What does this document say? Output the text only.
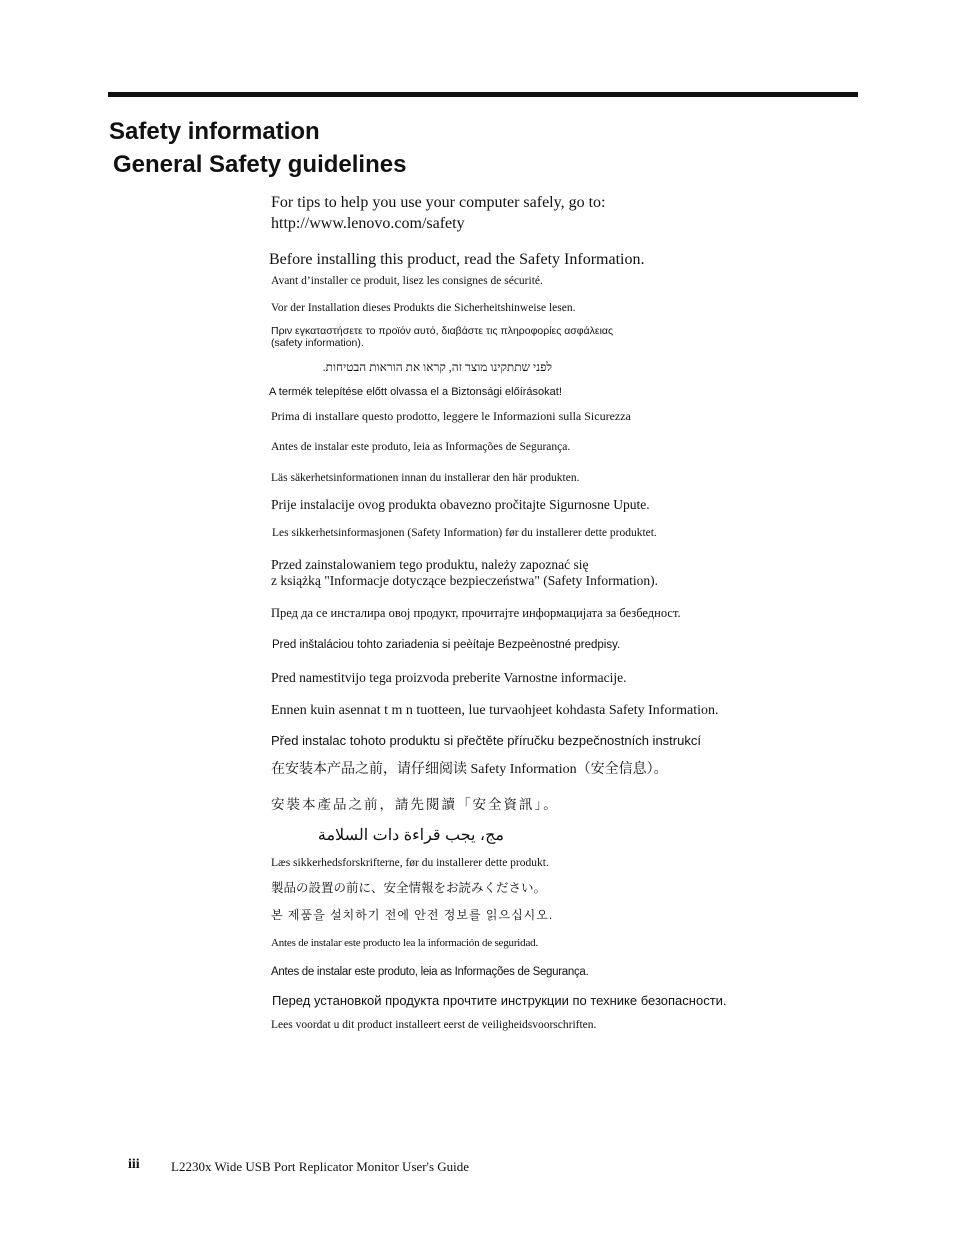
Safety information
General Safety guidelines
For tips to help you use your computer safely, go to:
http://www.lenovo.com/safety
Before installing this product, read the Safety Information.
Avant d’installer ce produit, lisez les consignes de sécurité.
Vor der Installation dieses Produkts die Sicherheitshinweise lesen.
Πριν εγκαταστήσετε το προϊόν αυτό, διαβάστε τις πληροφορίες ασφάλειας
(safety information).
לפני שתתקינו מוצר זה, קראו את הוראות הבטיחות.
A termék telepítése előtt olvassa el a Biztonsági előírásokat!
Prima di installare questo prodotto, leggere le Informazioni sulla Sicurezza
Antes de instalar este produto, leia as Informações de Segurança.
Läs säkerhetsinformationen innan du installerar den här produkten.
Prije instalacije ovog produkta obavezno pročitajte Sigurnosne Upute.
Les sikkerhetsinformasjonen (Safety Information) før du installerer dette produktet.
Przed zainstalowaniem tego produktu, należy zapoznać się
z książką "Informacje dotyczące bezpieczeństwa" (Safety Information).
Пред да се инсталира овој продукт, прочитајте информацијата за безбедност.
Pred inštaláciou tohto zariadenia si peèítaje Bezpeènostné predpisy.
Pred namestitvijo tega proizvoda preberite Varnostne informacije.
Ennen kuin asennat t m n tuotteen, lue turvaohjeet kohdasta Safety Information.
Před instalac tohoto produktu si přečtěte příručku bezpečnostních instrukcí
在安装本产品之前，请仔细阅读 Safety Information（安全信息）。
安裝本產品之前，請先閱讀「安全資訊」。
مج، يجب قراءة دات السلامة
Læs sikkerhedsforskrifterne, før du installerer dette produkt.
製品の設置の前に、安全情報をお読みください。
본 제품을 설치하기 전에 안전 정보를 읽으십시오.
Antes de instalar este producto lea la información de seguridad.
Antes de instalar este produto, leia as Informações de Segurança.
Перед установкой продукта прочтите инструкции по технике безопасности.
Lees voordat u dit product installeert eerst de veiligheidsvoorschriften.
iii L2230x Wide USB Port Replicator Monitor User's Guide
